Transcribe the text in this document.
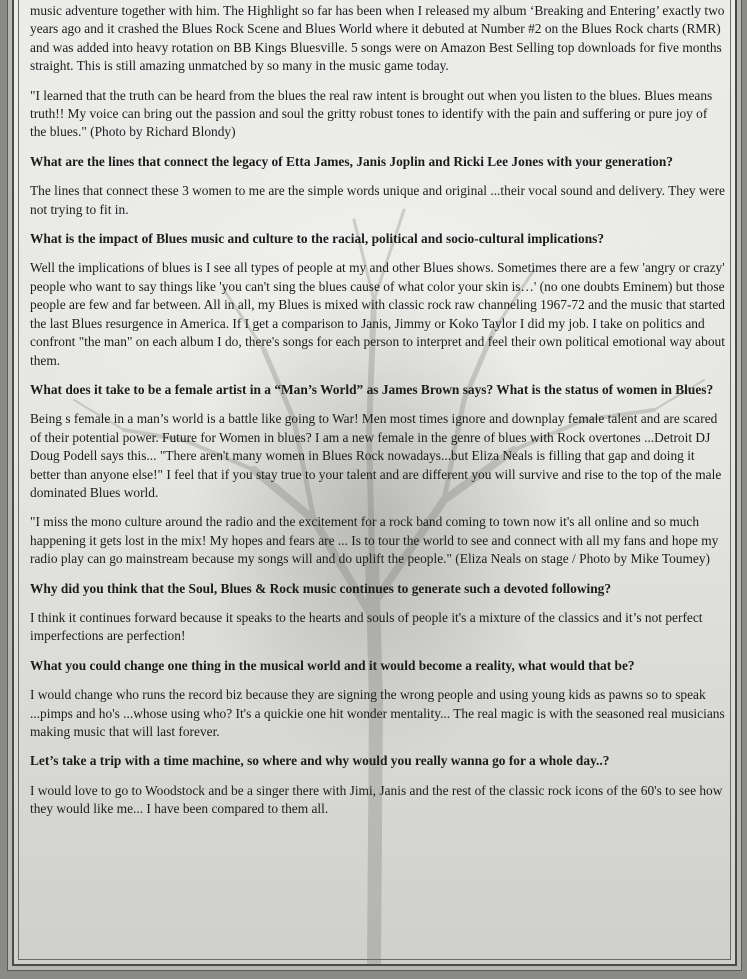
music adventure together with him. The Highlight so far has been when I released my album ‘Breaking and Entering’ exactly two years ago and it crashed the Blues Rock Scene and Blues World where it debuted at Number #2 on the Blues Rock charts (RMR) and was added into heavy rotation on BB Kings Bluesville. 5 songs were on Amazon Best Selling top downloads for five months straight. This is still amazing unmatched by so many in the music game today.

"I learned that the truth can be heard from the blues the real raw intent is brought out when you listen to the blues. Blues means truth!! My voice can bring out the passion and soul the gritty robust tones to identify with the pain and suffering or pure joy of the blues." (Photo by Richard Blondy)

What are the lines that connect the legacy of Etta James, Janis Joplin and Ricki Lee Jones with your generation?

The lines that connect these 3 women to me are the simple words unique and original ...their vocal sound and delivery. They were not trying to fit in.

What is the impact of Blues music and culture to the racial, political and socio-cultural implications?

Well the implications of blues is I see all types of people at my and other Blues shows. Sometimes there are a few 'angry or crazy' people who want to say things like 'you can't sing the blues cause of what color your skin is…' (no one doubts Eminem) but those people are few and far between. All in all, my Blues is mixed with classic rock raw channeling 1967-72 and the music that started the last Blues resurgence in America. If I get a comparison to Janis, Jimmy or Koko Taylor I did my job. I take on politics and confront "the man" on each album I do, there's songs for each person to interpret and feel their own political emotional way about them.

What does it take to be a female artist in a “Man’s World” as James Brown says? What is the status of women in Blues?

Being s female in a man’s world is a battle like going to War! Men most times ignore and downplay female talent and are scared of their potential power. Future for Women in blues? I am a new female in the genre of blues with Rock overtones ...Detroit DJ Doug Podell says this... "There aren't many women in Blues Rock nowadays...but Eliza Neals is filling that gap and doing it better than anyone else!" I feel that if you stay true to your talent and are different you will survive and rise to the top of the male dominated Blues world.

"I miss the mono culture around the radio and the excitement for a rock band coming to town now it's all online and so much happening it gets lost in the mix! My hopes and fears are ... Is to tour the world to see and connect with all my fans and hope my radio play can go mainstream because my songs will and do uplift the people." (Eliza Neals on stage / Photo by Mike Toumey)

Why did you think that the Soul, Blues & Rock music continues to generate such a devoted following?

I think it continues forward because it speaks to the hearts and souls of people it's a mixture of the classics and it’s not perfect imperfections are perfection!

What you could change one thing in the musical world and it would become a reality, what would that be?

I would change who runs the record biz because they are signing the wrong people and using young kids as pawns so to speak ...pimps and ho's ...whose using who? It's a quickie one hit wonder mentality... The real magic is with the seasoned real musicians making music that will last forever.

Let’s take a trip with a time machine, so where and why would you really wanna go for a whole day..?

I would love to go to Woodstock and be a singer there with Jimi, Janis and the rest of the classic rock icons of the 60's to see how they would like me... I have been compared to them all.
